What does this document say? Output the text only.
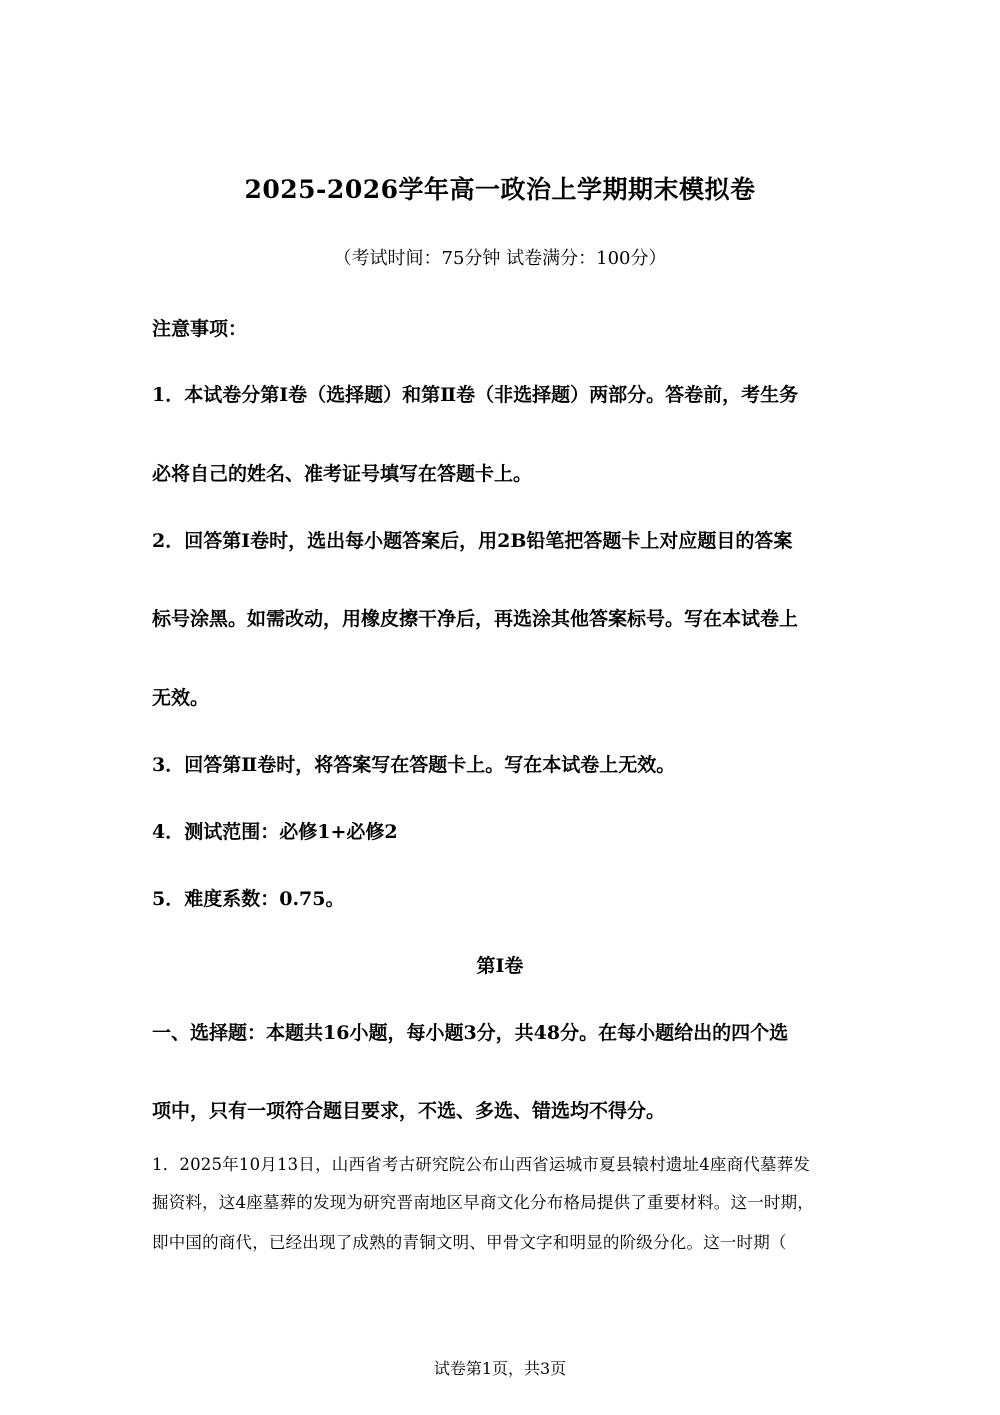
2025-2026学年高一政治上学期期末模拟卷
（考试时间：75分钟 试卷满分：100分）
注意事项：
1．本试卷分第Ⅰ卷（选择题）和第Ⅱ卷（非选择题）两部分。答卷前，考生务
必将自己的姓名、准考证号填写在答题卡上。
2．回答第Ⅰ卷时，选出每小题答案后，用2B铅笔把答题卡上对应题目的答案
标号涂黑。如需改动，用橡皮擦干净后，再选涂其他答案标号。写在本试卷上
无效。
3．回答第Ⅱ卷时，将答案写在答题卡上。写在本试卷上无效。
4．测试范围：必修1+必修2
5．难度系数：0.75。
第Ⅰ卷
一、选择题：本题共16小题，每小题3分，共48分。在每小题给出的四个选
项中，只有一项符合题目要求，不选、多选、错选均不得分。
1．2025年10月13日，山西省考古研究院公布山西省运城市夏县辕村遗址4座商代墓葬发
掘资料，这4座墓葬的发现为研究晋南地区早商文化分布格局提供了重要材料。这一时期，
即中国的商代，已经出现了成熟的青铜文明、甲骨文字和明显的阶级分化。这一时期（
试卷第1页，共3页
